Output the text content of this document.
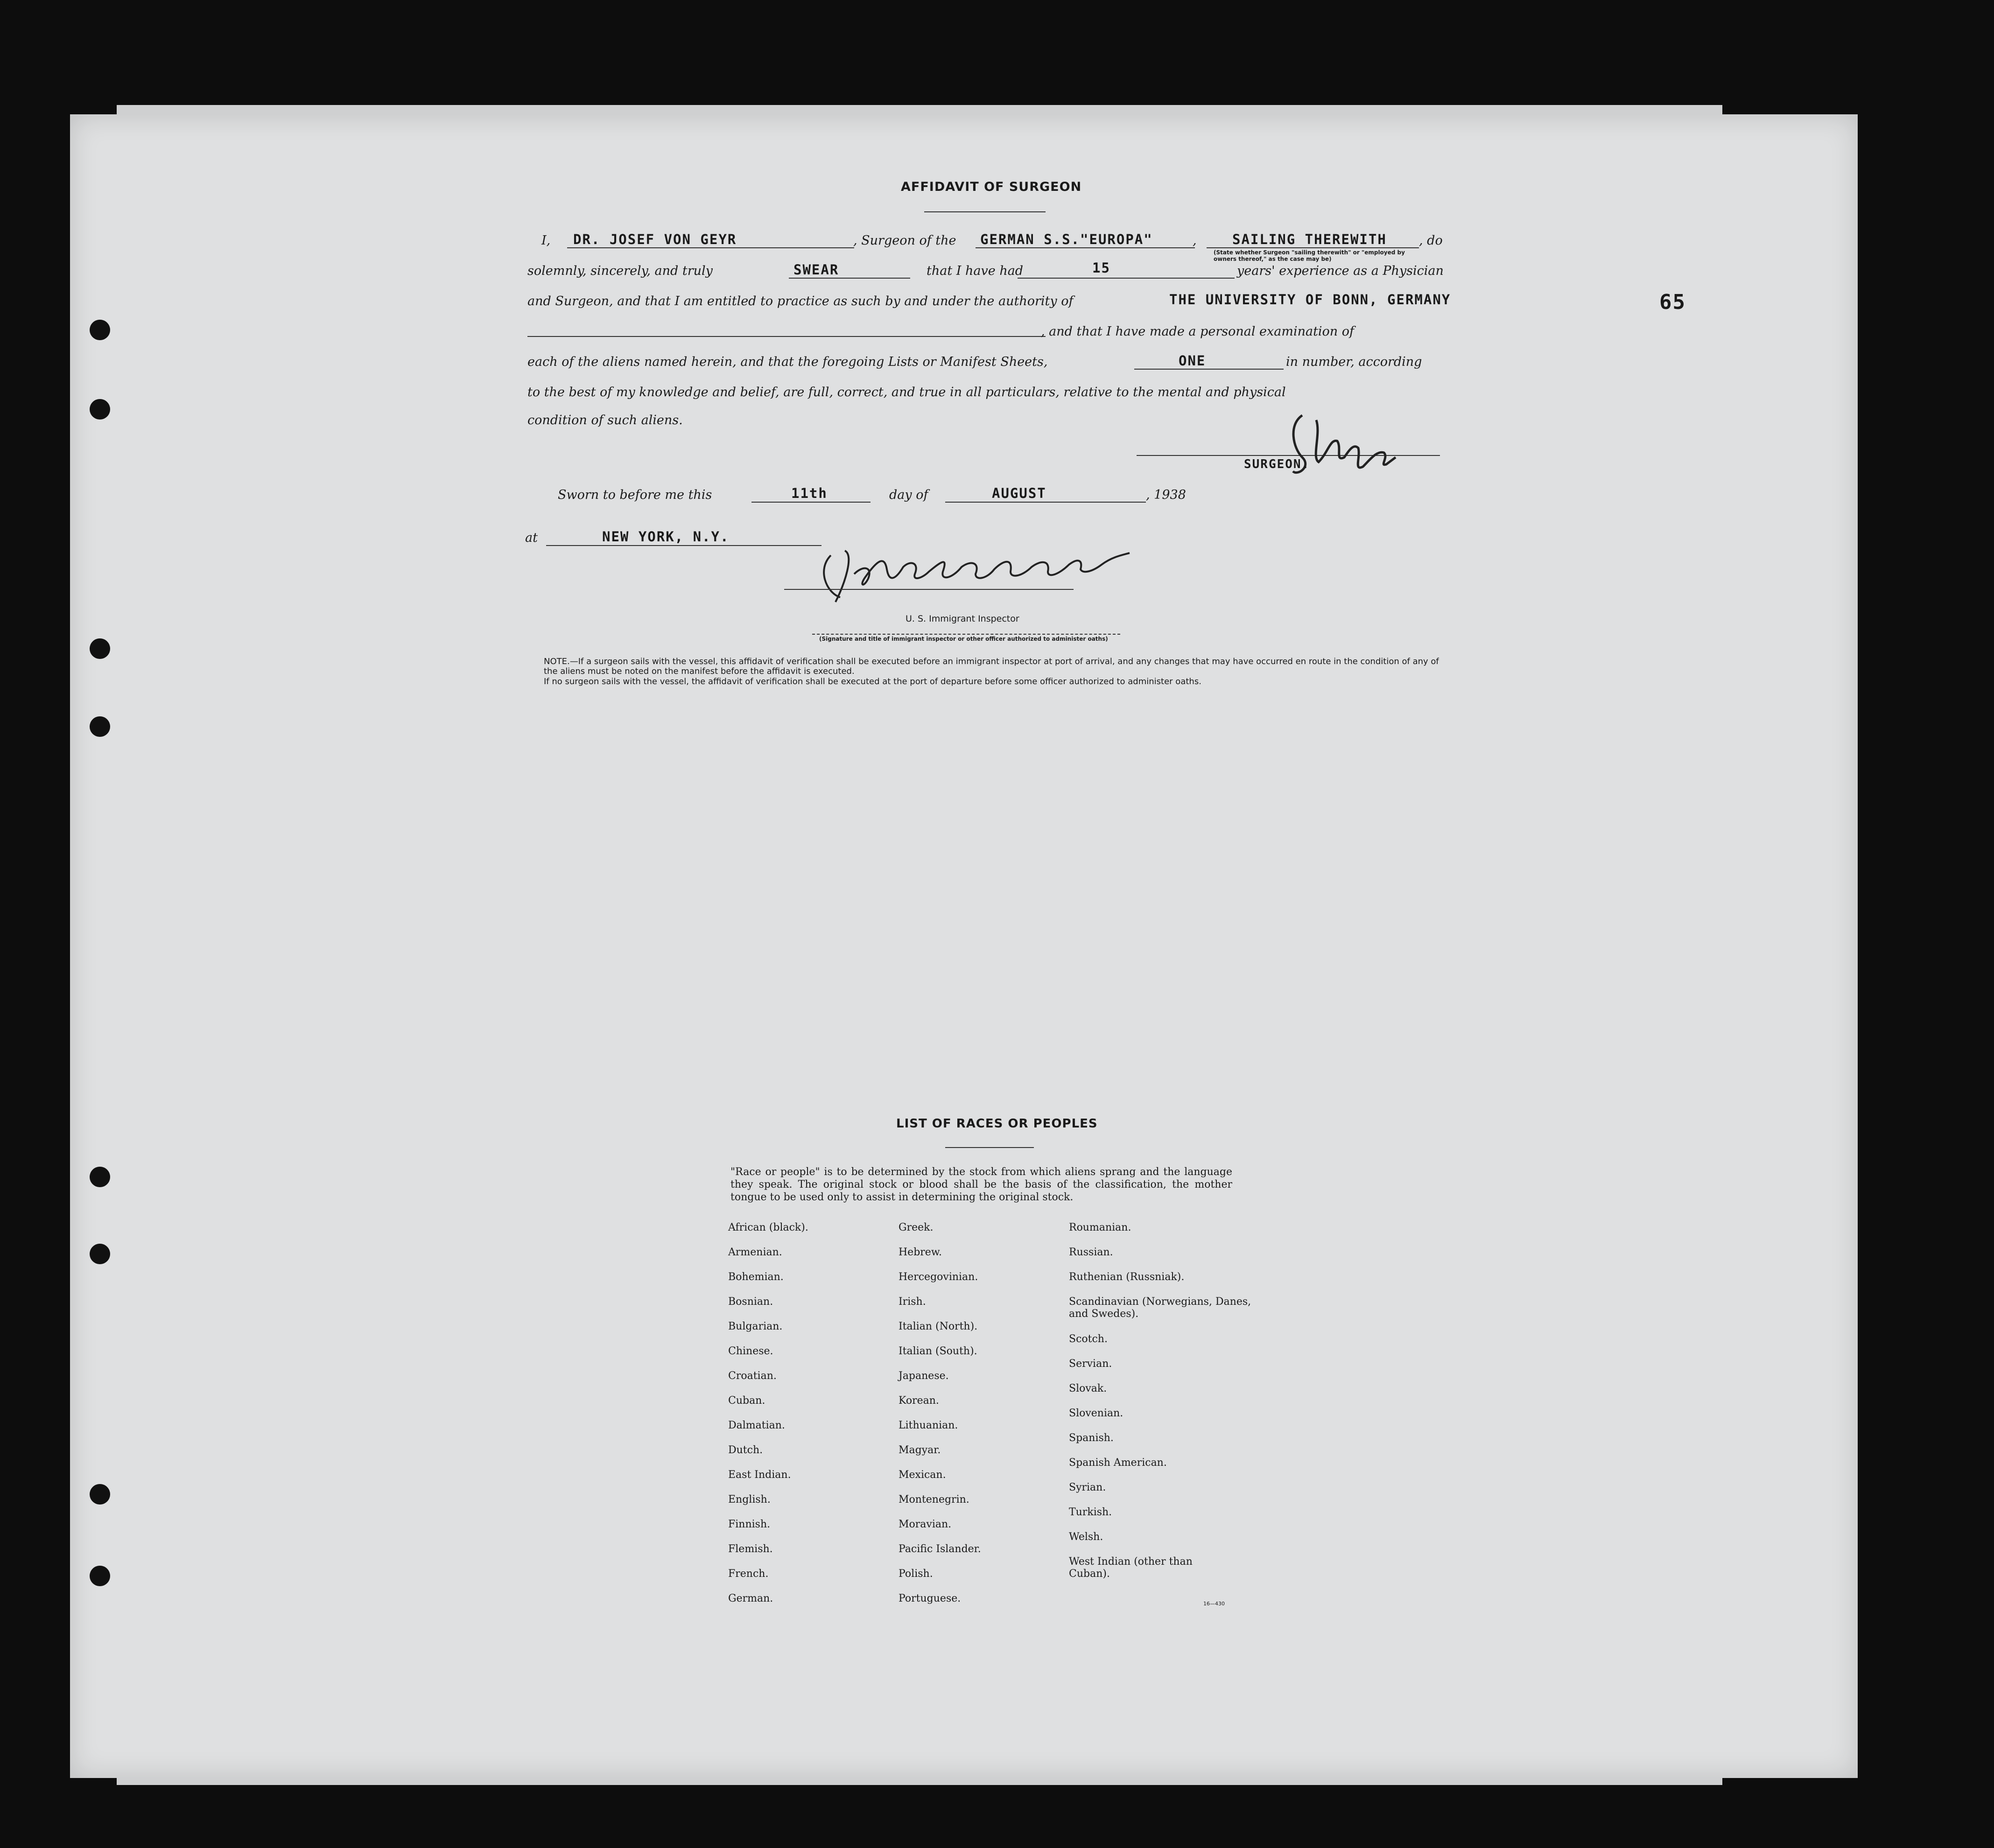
65
AFFIDAVIT OF SURGEON
I, DR. JOSEF VON GEYR	, Surgeon of the GERMAN S.S."EUROPA"	,	SAILING THEREWITH	, do
(State whether Surgeon "sailing therewith" or "employed by owners thereof," as the case may be)
solemnly, sincerely, and truly	SWEAR	that I have had	15	years' experience as a Physician
and Surgeon, and that I am entitled to practice as such by and under the authority of	THE UNIVERSITY OF BONN, GERMANY
, and that I have made a personal examination of
each of the aliens named herein, and that the foregoing Lists or Manifest Sheets,	ONE	in number, according
to the best of my knowledge and belief, are full, correct, and true in all particulars, relative to the mental and physical
condition of such aliens.
SURGEON.
Sworn to before me this	11th	day of	AUGUST	, 1938
at	NEW YORK, N.Y.
U. S. Immigrant Inspector
(Signature and title of immigrant inspector or other officer authorized to administer oaths)
NOTE.—If a surgeon sails with the vessel, this affidavit of verification shall be executed before an immigrant inspector at port of arrival, and any changes that may have occurred en route in the condition of any of the aliens must be noted on the manifest before the affidavit is executed.
If no surgeon sails with the vessel, the affidavit of verification shall be executed at the port of departure before some officer authorized to administer oaths.
LIST OF RACES OR PEOPLES
"Race or people" is to be determined by the stock from which aliens sprang and the language they speak. The original stock or blood shall be the basis of the classification, the mother tongue to be used only to assist in determining the original stock.
African (black).
Armenian.
Bohemian.
Bosnian.
Bulgarian.
Chinese.
Croatian.
Cuban.
Dalmatian.
Dutch.
East Indian.
English.
Finnish.
Flemish.
French.
German.
Greek.
Hebrew.
Hercegovinian.
Irish.
Italian (North).
Italian (South).
Japanese.
Korean.
Lithuanian.
Magyar.
Mexican.
Montenegrin.
Moravian.
Pacific Islander.
Polish.
Portuguese.
Roumanian.
Russian.
Ruthenian (Russniak).
Scandinavian (Norwegians, Danes, and Swedes).
Scotch.
Servian.
Slovak.
Slovenian.
Spanish.
Spanish American.
Syrian.
Turkish.
Welsh.
West Indian (other than Cuban).
16—430
